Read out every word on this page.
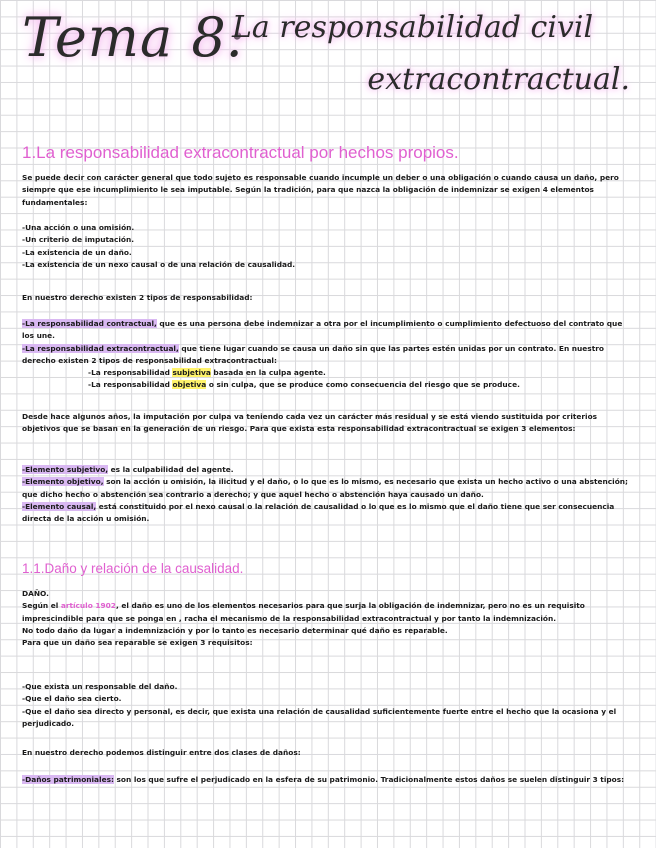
Tema 8:
La responsabilidad civil
extracontractual.
1.La responsabilidad extracontractual por hechos propios.

Se puede decir con carácter general que todo sujeto es responsable cuando incumple un deber o una obligación o cuando causa un daño, pero siempre que ese incumplimiento le sea imputable. Según la tradición, para que nazca la obligación de indemnizar se exigen 4 elementos fundamentales:

-Una acción o una omisión.

-Un criterio de imputación.

-La existencia de un daño.

-La existencia de un nexo causal o de una relación de causalidad.

En nuestro derecho existen 2 tipos de responsabilidad:

-La responsabilidad contractual, que es una persona debe indemnizar a otra por el incumplimiento o cumplimiento defectuoso del contrato que los une.

-La responsabilidad extracontractual, que tiene lugar cuando se causa un daño sin que las partes estén unidas por un contrato. En nuestro derecho existen 2 tipos de responsabilidad extracontractual:

-La responsabilidad subjetiva basada en la culpa agente.

-La responsabilidad objetiva o sin culpa, que se produce como consecuencia del riesgo que se produce.

Desde hace algunos años, la imputación por culpa va teniendo cada vez un carácter más residual y se está viendo sustituida por criterios objetivos que se basan en la generación de un riesgo. Para que exista esta responsabilidad extracontractual se exigen 3 elementos:

-Elemento subjetivo, es la culpabilidad del agente.

-Elemento objetivo, son la acción u omisión, la ilicitud y el daño, o lo que es lo mismo, es necesario que exista un hecho activo o una abstención; que dicho hecho o abstención sea contrario a derecho; y que aquel hecho o abstención haya causado un daño.

-Elemento causal, está constituido por el nexo causal o la relación de causalidad o lo que es lo mismo que el daño tiene que ser consecuencia directa de la acción u omisión.

1.1.Daño y relación de la causalidad.

DAÑO.

Según el artículo 1902, el daño es uno de los elementos necesarios para que surja la obligación de indemnizar, pero no es un requisito imprescindible para que se ponga en , racha el mecanismo de la responsabilidad extracontractual y por tanto la indemnización.

No todo daño da lugar a indemnización y por lo tanto es necesario determinar qué daño es reparable.

Para que un daño sea reparable se exigen 3 requisitos:

-Que exista un responsable del daño.

-Que el daño sea cierto.

-Que el daño sea directo y personal, es decir, que exista una relación de causalidad suficientemente fuerte entre el hecho que la ocasiona y el perjudicado.

En nuestro derecho podemos distinguir entre dos clases de daños:

-Daños patrimoniales: son los que sufre el perjudicado en la esfera de su patrimonio. Tradicionalmente estos daños se suelen distinguir 3 tipos:
